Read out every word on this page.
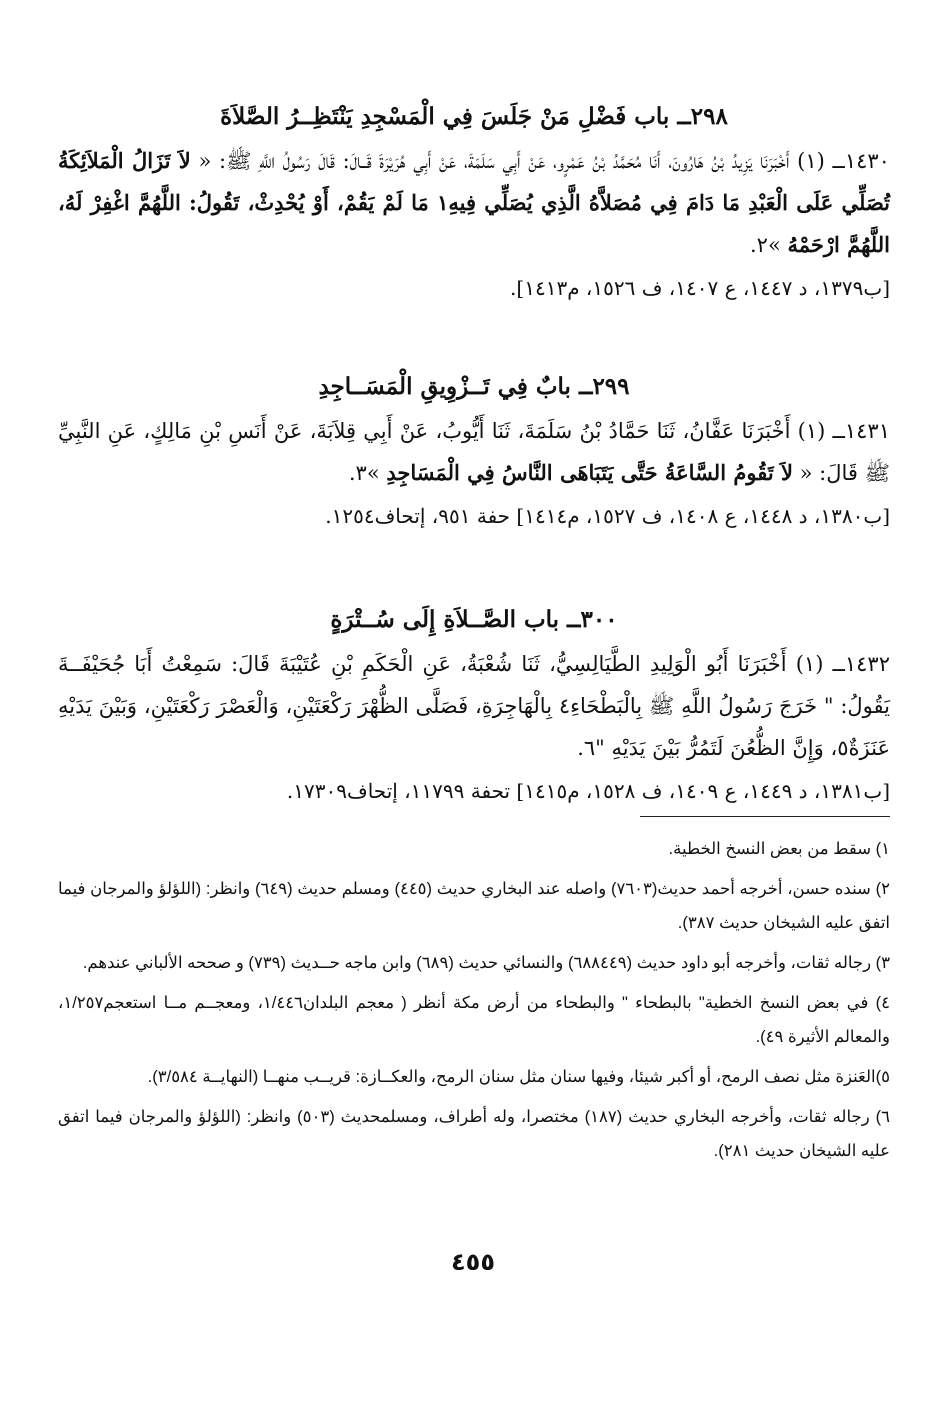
٢٩٨ــ باب فَضْلِ مَنْ جَلَسَ فِي الْمَسْجِدِ يَنْتَظِــرُ الصَّلاَةَ

١٤٣٠ــ (١) أَخْبَرَنَا يَزِيدُ بْنُ هَارُونَ، أَنَا مُحَمَّدُ بْنُ عَمْرٍو، عَنْ أَبِي سَلَمَةَ، عَنْ أَبِي هُرَيْرَةَ قَــالَ: قَالَ رَسُولُ اللَّهِ ﷺ: « لاَ تَزَالُ الْمَلاَئِكَةُ تُصَلِّي عَلَى الْعَبْدِ مَا دَامَ فِي مُصَلاَّهُ الَّذِي يُصَلِّي فِيهِ١ مَا لَمْ يَقُمْ، أَوْ يُحْدِثْ، تَقُولُ: اللَّهُمَّ اغْفِرْ لَهُ، اللَّهُمَّ ارْحَمْهُ »٢.

[ب١٣٧٩، د ١٤٤٧، ع ١٤٠٧، ف ١٥٢٦، م١٤١٣].

٢٩٩ــ بابٌ فِي تَــزْوِيقِ الْمَسَــاجِدِ

١٤٣١ــ (١) أَخْبَرَنَا عَفَّانُ، ثَنَا حَمَّادُ بْنُ سَلَمَةَ، ثَنَا أَيُّوبُ، عَنْ أَبِي قِلاَبَةَ، عَنْ أَنَسِ بْنِ مَالِكٍ، عَنِ النَّبِيِّ ﷺ قَالَ: « لاَ تَقُومُ السَّاعَةُ حَتَّى يَتَبَاهَى النَّاسُ فِي الْمَسَاجِدِ »٣.

[ب١٣٨٠، د ١٤٤٨، ع ١٤٠٨، ف ١٥٢٧، م١٤١٤] حفة ٩٥١، إتحاف١٢٥٤.

٣٠٠ــ باب الصَّــلاَةِ إِلَى سُــتْرَةٍ

١٤٣٢ــ (١) أَخْبَرَنَا أَبُو الْوَلِيدِ الطَّيَالِسِيُّ، ثَنَا شُعْبَةُ، عَنِ الْحَكَمِ بْنِ عُتَيْبَةَ قَالَ: سَمِعْتُ أَبَا جُحَيْفَــةَ يَقُولُ: " خَرَجَ رَسُولُ اللَّهِ ﷺ بِالْبَطْحَاءِ٤ بِالْهَاجِرَةِ، فَصَلَّى الظُّهْرَ رَكْعَتَيْنِ، وَالْعَصْرَ رَكْعَتَيْنِ، وَبَيْنَ يَدَيْهِ عَنَزَةٌ٥، وَإِنَّ الظُّعُنَ لَتَمُرُّ بَيْنَ يَدَيْهِ "٦.

[ب١٣٨١، د ١٤٤٩، ع ١٤٠٩، ف ١٥٢٨، م١٤١٥] تحفة ١١٧٩٩، إتحاف١٧٣٠٩.

١) سقط من بعض النسخ الخطية.

٢) سنده حسن، أخرجه أحمد حديث(٧٦٠٣) واصله عند البخاري حديث (٤٤٥) ومسلم حديث (٦٤٩) وانظر: (اللؤلؤ والمرجان فيما اتفق عليه الشيخان حديث ٣٨٧).

٣) رجاله ثقات، وأخرجه أبو داود حديث (٦٨٨٤٤٩) والنسائي حديث (٦٨٩) وابن ماجه حــديث (٧٣٩) و صححه الألباني عندهم.

٤) في بعض النسخ الخطية" بالبطحاء " والبطحاء من أرض مكة أنظر ( معجم البلدان١/٤٤٦، ومعجــم مــا استعجم١/٢٥٧، والمعالم الأثيرة ٤٩).

٥)العَنزة مثل نصف الرمح، أو أكبر شيئا، وفيها سنان مثل سنان الرمح، والعكــازة: قريــب منهــا (النهايــة ٣/٥٨٤).

٦) رجاله ثقات، وأخرجه البخاري حديث (١٨٧) مختصرا، وله أطراف، ومسلمحديث (٥٠٣) وانظر: (اللؤلؤ والمرجان فيما اتفق عليه الشيخان حديث ٢٨١).

٤٥٥
